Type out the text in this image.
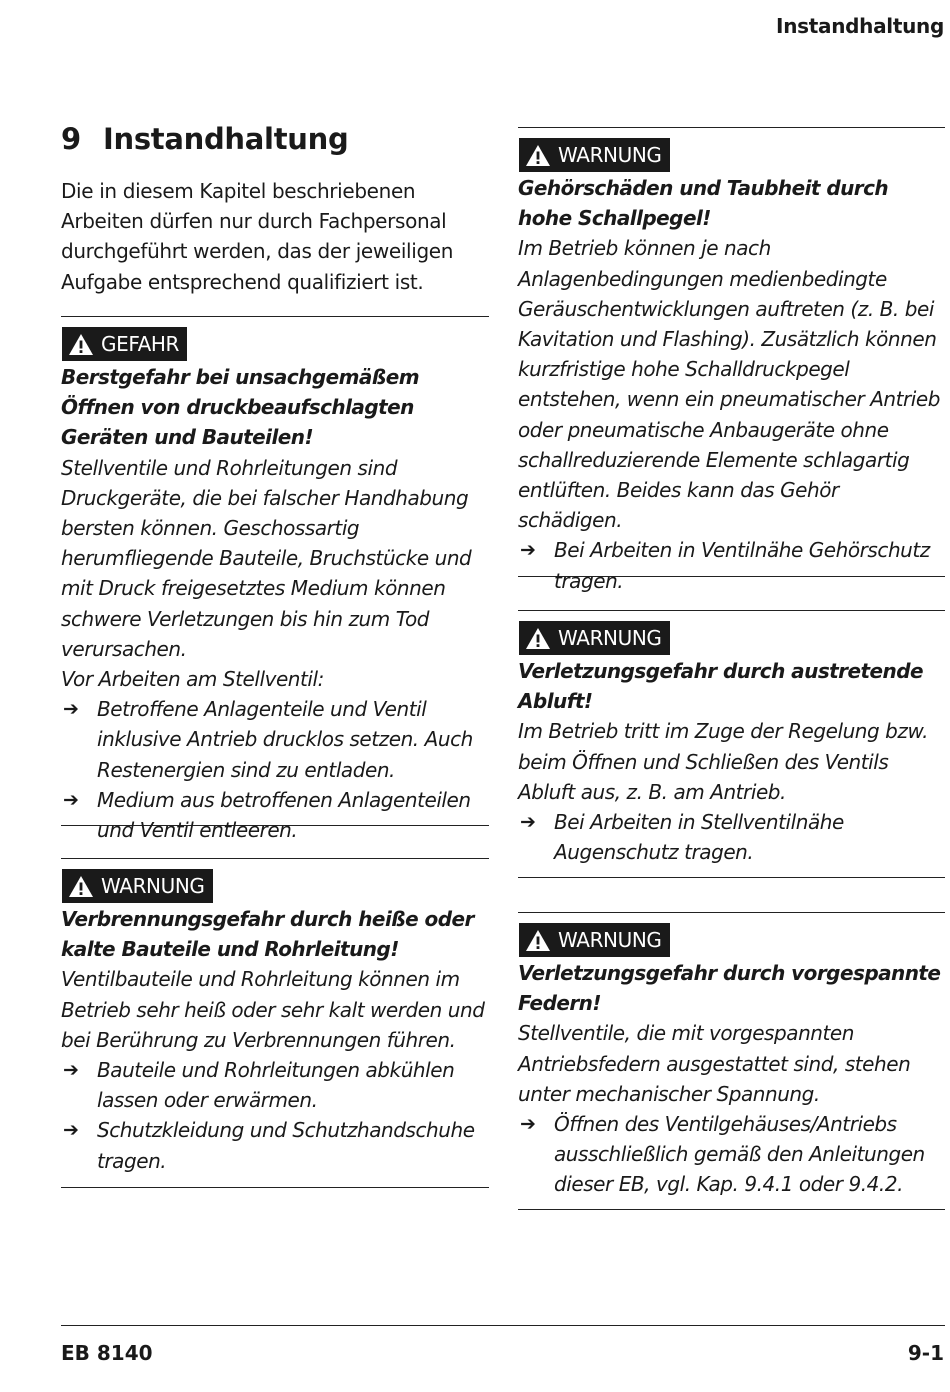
Instandhaltung
9 Instandhaltung
Die in diesem Kapitel beschriebenen Arbeiten dürfen nur durch Fachpersonal durchgeführt werden, das der jeweiligen Aufgabe entsprechend qualifiziert ist.
GEFAHR
Berstgefahr bei unsachgemäßem Öffnen von druckbeaufschlagten Geräten und Bauteilen!
Stellventile und Rohrleitungen sind Druckgeräte, die bei falscher Handhabung bersten können. Geschossartig herumfliegende Bauteile, Bruchstücke und mit Druck freigesetztes Medium können schwere Verletzungen bis hin zum Tod verursachen.
Vor Arbeiten am Stellventil:
➔ Betroffene Anlagenteile und Ventil inklusive Antrieb drucklos setzen. Auch Restenergien sind zu entladen.
➔ Medium aus betroffenen Anlagenteilen und Ventil entleeren.
WARNUNG
Verbrennungsgefahr durch heiße oder kalte Bauteile und Rohrleitung!
Ventilbauteile und Rohrleitung können im Betrieb sehr heiß oder sehr kalt werden und bei Berührung zu Verbrennungen führen.
➔ Bauteile und Rohrleitungen abkühlen lassen oder erwärmen.
➔ Schutzkleidung und Schutzhandschuhe tragen.
WARNUNG
Gehörschäden und Taubheit durch hohe Schallpegel!
Im Betrieb können je nach Anlagenbedingungen medienbedingte Geräuschentwicklungen auftreten (z. B. bei Kavitation und Flashing). Zusätzlich können kurzfristige hohe Schalldruckpegel entstehen, wenn ein pneumatischer Antrieb oder pneumatische Anbaugeräte ohne schallreduzierende Elemente schlagartig entlüften. Beides kann das Gehör schädigen.
➔ Bei Arbeiten in Ventilnähe Gehörschutz tragen.
WARNUNG
Verletzungsgefahr durch austretende Abluft!
Im Betrieb tritt im Zuge der Regelung bzw. beim Öffnen und Schließen des Ventils Abluft aus, z. B. am Antrieb.
➔ Bei Arbeiten in Stellventilnähe Augenschutz tragen.
WARNUNG
Verletzungsgefahr durch vorgespannte Federn!
Stellventile, die mit vorgespannten Antriebsfedern ausgestattet sind, stehen unter mechanischer Spannung.
➔ Öffnen des Ventilgehäuses/Antriebs ausschließlich gemäß den Anleitungen dieser EB, vgl. Kap. 9.4.1 oder 9.4.2.
EB 8140	9-1
